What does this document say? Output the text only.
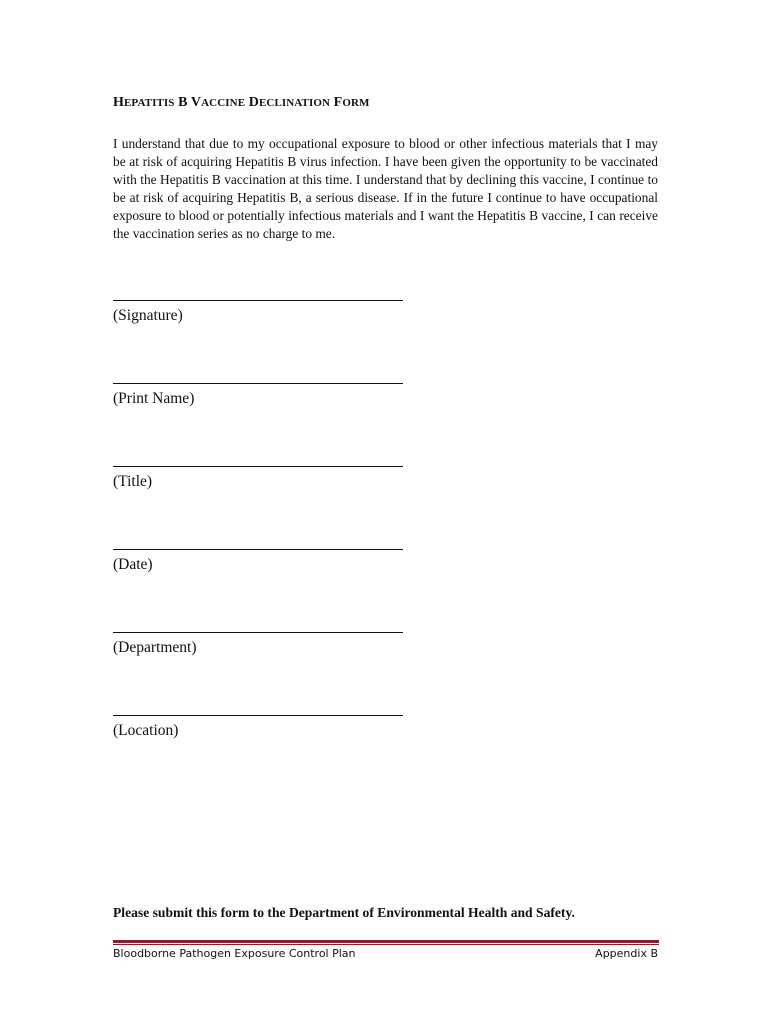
HEPATITIS B VACCINE DECLINATION FORM
I understand that due to my occupational exposure to blood or other infectious materials that I may be at risk of acquiring Hepatitis B virus infection. I have been given the opportunity to be vaccinated with the Hepatitis B vaccination at this time. I understand that by declining this vaccine, I continue to be at risk of acquiring Hepatitis B, a serious disease. If in the future I continue to have occupational exposure to blood or potentially infectious materials and I want the Hepatitis B vaccine, I can receive the vaccination series as no charge to me.
(Signature)
(Print Name)
(Title)
(Date)
(Department)
(Location)
Please submit this form to the Department of Environmental Health and Safety.
Bloodborne Pathogen Exposure Control Plan	Appendix B
